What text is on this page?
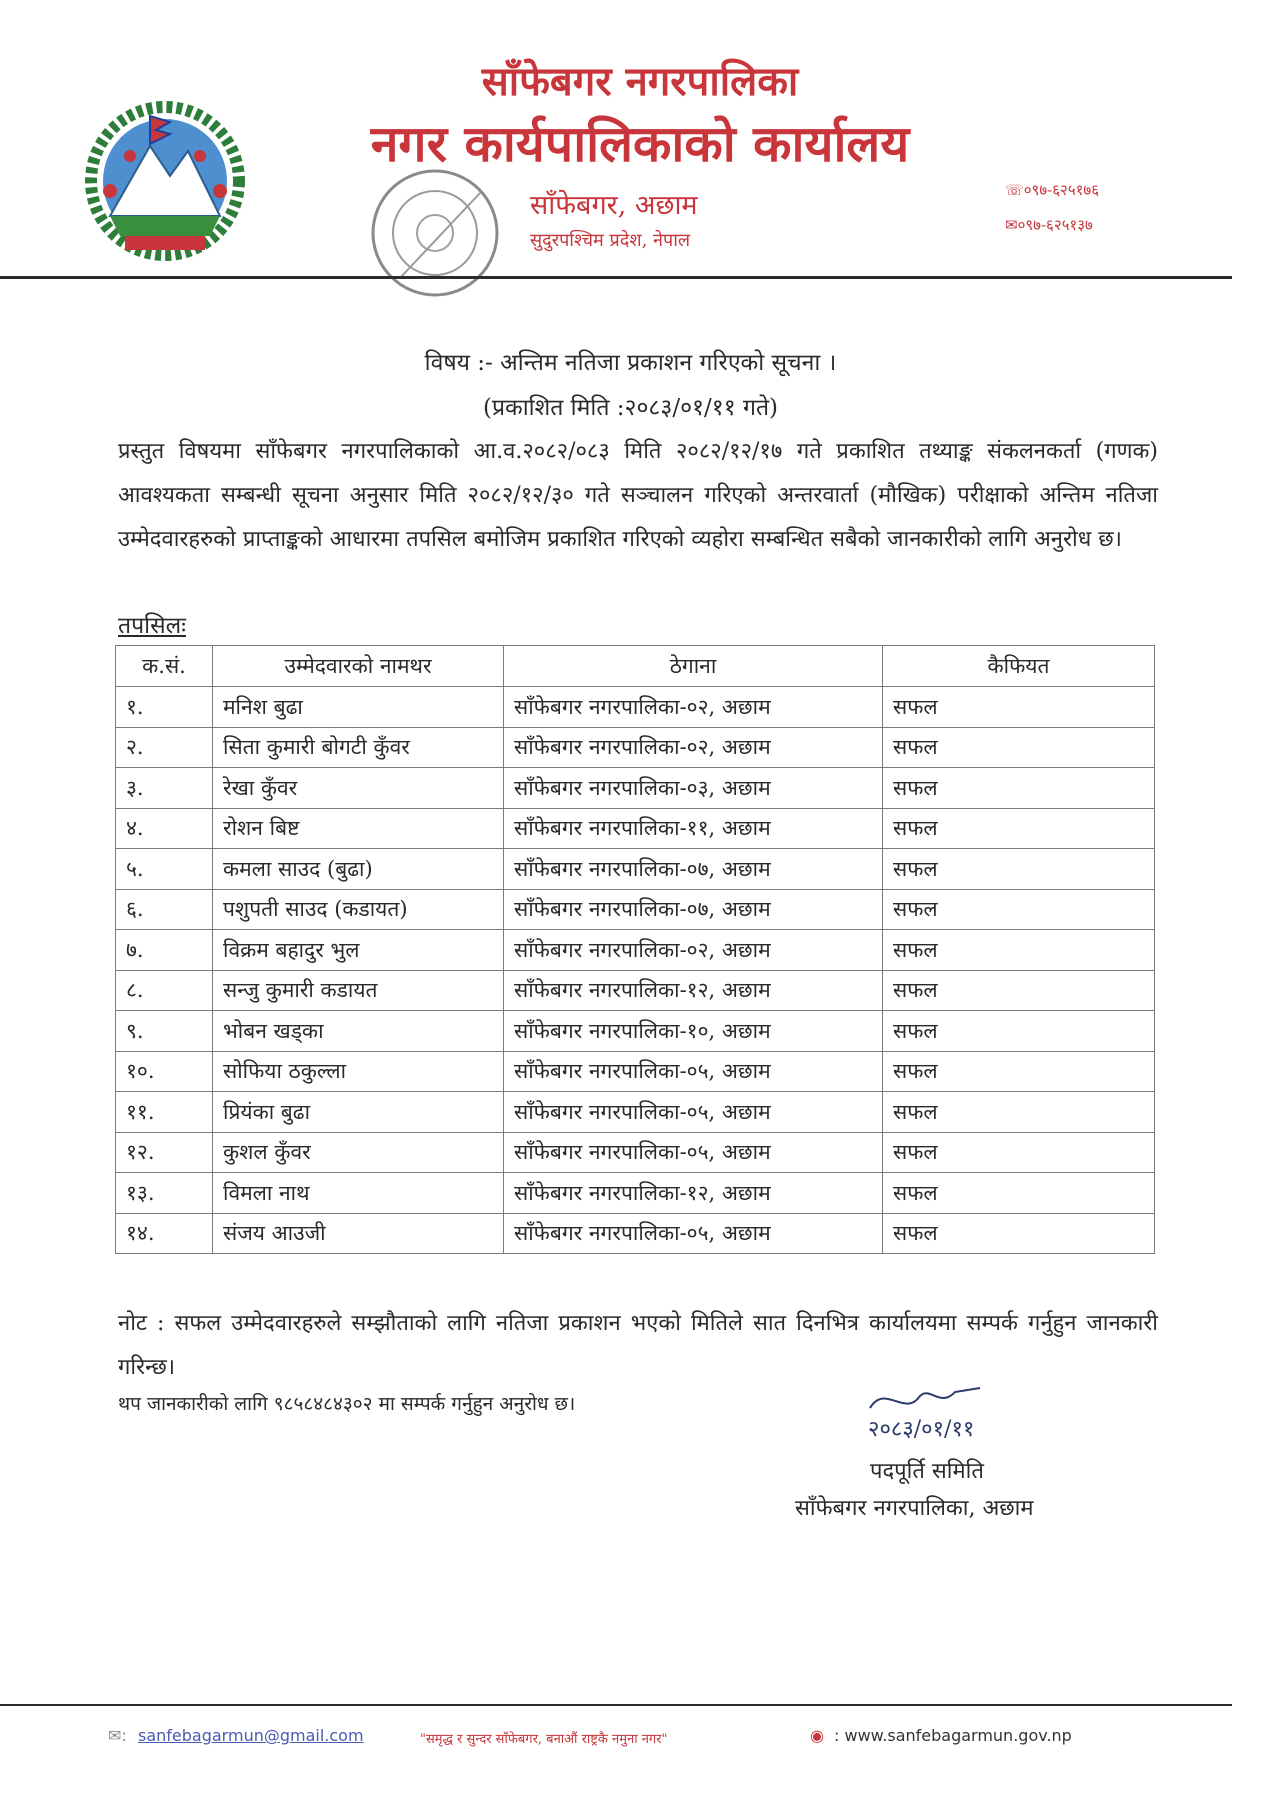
साँफेबगर नगरपालिका
नगर कार्यपालिकाको कार्यालय
साँफेबगर, अछाम
सुदुरपश्चिम प्रदेश, नेपाल
☏०९७-६२५१७६
✉०९७-६२५१३७
विषय :- अन्तिम नतिजा प्रकाशन गरिएको सूचना ।
(प्रकाशित मिति :२०८३/०१/११ गते)
प्रस्तुत विषयमा साँफेबगर नगरपालिकाको आ.व.२०८२/०८३ मिति २०८२/१२/१७ गते प्रकाशित तथ्याङ्क संकलनकर्ता (गणक) आवश्यकता सम्बन्धी सूचना अनुसार मिति २०८२/१२/३० गते सञ्चालन गरिएको अन्तरवार्ता (मौखिक) परीक्षाको अन्तिम नतिजा उम्मेदवारहरुको प्राप्ताङ्कको आधारमा तपसिल बमोजिम प्रकाशित गरिएको व्यहोरा सम्बन्धित सबैको जानकारीको लागि अनुरोध छ।
तपसिलः
क.सं.	उम्मेदवारको नामथर	ठेगाना	कैफियत
१.	मनिश बुढा	साँफेबगर नगरपालिका-०२, अछाम	सफल
२.	सिता कुमारी बोगटी कुँवर	साँफेबगर नगरपालिका-०२, अछाम	सफल
३.	रेखा कुँवर	साँफेबगर नगरपालिका-०३, अछाम	सफल
४.	रोशन बिष्ट	साँफेबगर नगरपालिका-११, अछाम	सफल
५.	कमला साउद (बुढा)	साँफेबगर नगरपालिका-०७, अछाम	सफल
६.	पशुपती साउद (कडायत)	साँफेबगर नगरपालिका-०७, अछाम	सफल
७.	विक्रम बहादुर भुल	साँफेबगर नगरपालिका-०२, अछाम	सफल
८.	सन्जु कुमारी कडायत	साँफेबगर नगरपालिका-१२, अछाम	सफल
९.	भोबन खड्का	साँफेबगर नगरपालिका-१०, अछाम	सफल
१०.	सोफिया ठकुल्ला	साँफेबगर नगरपालिका-०५, अछाम	सफल
११.	प्रियंका बुढा	साँफेबगर नगरपालिका-०५, अछाम	सफल
१२.	कुशल कुँवर	साँफेबगर नगरपालिका-०५, अछाम	सफल
१३.	विमला नाथ	साँफेबगर नगरपालिका-१२, अछाम	सफल
१४.	संजय आउजी	साँफेबगर नगरपालिका-०५, अछाम	सफल
नोट : सफल उम्मेदवारहरुले सम्झौताको लागि नतिजा प्रकाशन भएको मितिले सात दिनभित्र कार्यालयमा सम्पर्क गर्नुहुन जानकारी गरिन्छ।
थप जानकारीको लागि ९८५८४८४३०२ मा सम्पर्क गर्नुहुन अनुरोध छ।
२०८३/०१/११
पदपूर्ति समिति
साँफेबगर नगरपालिका, अछाम
✉: sanfebagarmun@gmail.com	"समृद्ध र सुन्दर साँफेबगर, बनाऔं राष्ट्रकै नमुना नगर"	◉ : www.sanfebagarmun.gov.np
